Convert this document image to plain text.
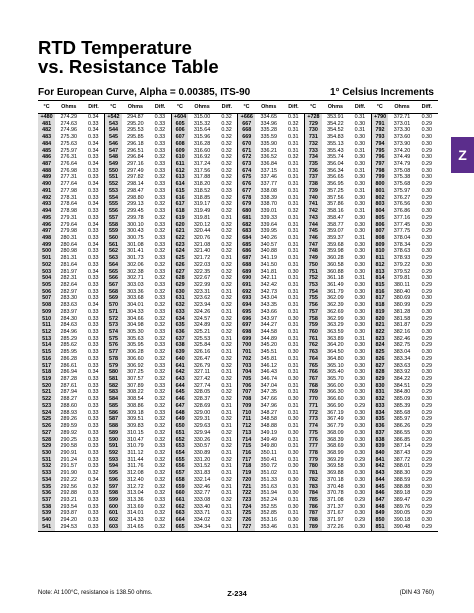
RTD Temperature
vs. Resistance Table
For European Curve, Alpha = 0.00385, ITS-90	1° Celsius Increments
Z
°C	Ohms	Diff.	°C	Ohms	Diff.	°C	Ohms	Diff.	°C	Ohms	Diff.	°C	Ohms	Diff.	°C	Ohms	Diff.
+480	274.29	0.34	+542	294.87	0.33	+604	315.00	0.32	+666	334.65	0.31	+728	353.91	0.31	+790	372.71	0.30
481	274.63	0.33	543	295.20	0.33	605	315.32	0.32	667	334.96	0.32	729	354.22	0.30	791	373.01	0.29
482	274.96	0.34	544	295.53	0.32	606	315.64	0.32	668	335.28	0.31	730	354.52	0.31	792	373.30	0.30
483	275.30	0.33	545	295.85	0.33	607	315.96	0.32	669	335.59	0.31	731	354.83	0.30	793	373.60	0.30
484	275.63	0.34	546	296.18	0.33	608	316.28	0.32	670	335.90	0.31	732	355.13	0.30	794	373.90	0.30
485	275.97	0.34	547	296.51	0.33	609	316.60	0.32	671	336.21	0.31	733	355.43	0.31	795	374.20	0.29
486	276.31	0.33	548	296.84	0.32	610	316.92	0.32	672	336.52	0.32	734	355.74	0.30	796	374.49	0.30
487	276.64	0.34	549	297.16	0.33	611	317.24	0.32	673	336.84	0.31	735	356.04	0.30	797	374.79	0.29
488	276.98	0.33	550	297.49	0.33	612	317.56	0.32	674	337.15	0.31	736	356.34	0.31	798	375.08	0.30
489	277.31	0.33	551	297.82	0.32	613	317.88	0.32	675	337.46	0.31	737	356.65	0.30	799	375.38	0.30
490	277.64	0.34	552	298.14	0.33	614	318.20	0.32	676	337.77	0.31	738	356.95	0.30	800	375.68	0.29
491	277.98	0.33	553	298.47	0.33	615	318.52	0.33	677	338.08	0.31	739	357.25	0.31	801	375.97	0.30
492	278.31	0.33	554	298.80	0.33	616	318.85	0.32	678	338.39	0.31	740	357.56	0.30	802	376.27	0.29
493	278.64	0.34	555	299.13	0.32	617	319.17	0.32	679	338.70	0.31	741	357.86	0.30	803	376.56	0.30
494	278.98	0.33	556	299.45	0.33	618	319.49	0.32	680	339.01	0.32	742	358.16	0.31	804	376.86	0.30
495	279.31	0.33	557	299.78	0.32	619	319.81	0.31	681	339.33	0.31	743	358.47	0.30	805	377.16	0.29
496	279.64	0.34	558	300.10	0.33	620	320.12	0.32	682	339.64	0.31	744	358.77	0.30	806	377.45	0.30
497	279.98	0.33	559	300.43	0.32	621	320.44	0.32	683	339.95	0.31	745	359.07	0.30	807	377.75	0.29
498	280.31	0.33	560	300.75	0.33	622	320.76	0.32	684	340.26	0.31	746	359.37	0.31	808	378.04	0.30
499	280.64	0.34	561	301.08	0.33	623	321.08	0.32	685	340.57	0.31	747	359.68	0.30	809	378.34	0.29
500	280.98	0.33	562	301.41	0.32	624	321.40	0.32	686	340.88	0.31	748	359.98	0.30	810	378.63	0.30
501	281.31	0.33	563	301.73	0.33	625	321.72	0.31	687	341.19	0.31	749	360.28	0.30	811	378.93	0.29
502	281.64	0.33	564	302.06	0.32	626	322.03	0.32	688	341.50	0.31	750	360.58	0.30	812	379.22	0.30
503	281.97	0.34	565	302.38	0.33	627	322.35	0.32	689	341.81	0.30	751	360.88	0.30	813	379.52	0.29
504	282.31	0.33	566	302.71	0.32	628	322.67	0.32	690	342.11	0.31	752	361.18	0.31	814	379.81	0.30
505	282.64	0.33	567	303.03	0.33	629	322.99	0.32	691	342.42	0.31	753	361.49	0.30	815	380.11	0.29
506	282.97	0.33	568	303.36	0.32	630	323.31	0.31	692	342.73	0.31	754	361.79	0.30	816	380.40	0.29
507	283.30	0.33	569	303.68	0.33	631	323.62	0.32	693	343.04	0.31	755	362.09	0.30	817	380.69	0.30
508	283.63	0.34	570	304.01	0.32	632	323.94	0.32	694	343.35	0.31	756	362.39	0.30	818	380.99	0.29
509	283.97	0.33	571	304.33	0.33	633	324.26	0.31	695	343.66	0.31	757	362.69	0.30	819	381.28	0.30
510	284.30	0.33	572	304.66	0.32	634	324.57	0.32	696	343.97	0.30	758	362.99	0.30	820	381.58	0.29
511	284.63	0.33	573	304.98	0.32	635	324.89	0.32	697	344.27	0.31	759	363.29	0.30	821	381.87	0.29
512	284.96	0.33	574	305.30	0.33	636	325.21	0.32	698	344.58	0.31	760	363.59	0.30	822	382.16	0.30
513	285.29	0.33	575	305.63	0.32	637	325.53	0.31	699	344.89	0.31	761	363.89	0.31	823	382.46	0.29
514	285.62	0.33	576	305.95	0.33	638	325.84	0.32	700	345.20	0.31	762	364.20	0.30	824	382.75	0.29
515	285.95	0.33	577	306.28	0.32	639	326.16	0.31	701	345.51	0.30	763	364.50	0.30	825	383.04	0.30
516	286.28	0.33	578	306.60	0.32	640	326.47	0.32	702	345.81	0.31	764	364.80	0.30	826	383.34	0.29
517	286.61	0.33	579	306.92	0.33	641	326.79	0.32	703	346.12	0.31	765	365.10	0.30	827	383.63	0.29
518	286.94	0.34	580	307.25	0.32	642	327.11	0.31	704	346.43	0.31	766	365.40	0.30	828	383.92	0.30
519	287.28	0.33	581	307.57	0.32	643	327.42	0.32	705	346.74	0.30	767	365.70	0.30	829	384.22	0.29
520	287.61	0.33	582	307.89	0.33	644	327.74	0.31	706	347.04	0.31	768	366.00	0.30	830	384.51	0.29
521	287.94	0.33	583	308.22	0.32	645	328.05	0.32	707	347.35	0.31	769	366.30	0.30	831	384.80	0.29
522	288.27	0.33	584	308.54	0.32	646	328.37	0.32	708	347.66	0.30	770	366.60	0.30	832	385.09	0.30
523	288.60	0.33	585	308.86	0.32	647	328.69	0.31	709	347.96	0.31	771	366.90	0.29	833	385.39	0.29
524	288.93	0.33	586	309.18	0.33	648	329.00	0.31	710	348.27	0.31	772	367.19	0.30	834	385.68	0.29
525	289.26	0.33	587	309.51	0.32	649	329.31	0.32	711	348.58	0.30	773	367.49	0.30	835	385.97	0.29
526	289.59	0.33	588	309.83	0.32	650	329.63	0.31	712	348.88	0.31	774	367.79	0.30	836	386.26	0.29
527	289.92	0.33	589	310.15	0.32	651	329.94	0.32	713	349.19	0.30	775	368.09	0.30	837	386.55	0.30
528	290.25	0.33	590	310.47	0.32	652	330.26	0.31	714	349.49	0.31	776	368.39	0.30	838	386.85	0.29
529	290.58	0.33	591	310.79	0.33	653	330.57	0.32	715	349.80	0.31	777	368.69	0.30	839	387.14	0.29
530	290.91	0.33	592	311.12	0.32	654	330.89	0.31	716	350.11	0.30	778	368.99	0.30	840	387.43	0.29
531	291.24	0.33	593	311.44	0.32	655	331.20	0.32	717	350.41	0.31	779	369.29	0.29	841	387.72	0.29
532	291.57	0.33	594	311.76	0.32	656	331.52	0.31	718	350.72	0.30	780	369.58	0.30	842	388.01	0.29
533	291.90	0.32	595	312.08	0.32	657	331.83	0.31	719	351.02	0.31	781	369.88	0.30	843	388.30	0.29
534	292.22	0.34	596	312.40	0.32	658	332.14	0.32	720	351.33	0.30	782	370.18	0.30	844	388.59	0.29
535	292.56	0.32	597	312.72	0.32	659	332.46	0.31	721	351.63	0.31	783	370.48	0.30	845	388.88	0.30
536	292.88	0.33	598	313.04	0.32	660	332.77	0.31	722	351.94	0.30	784	370.78	0.30	846	389.18	0.29
537	293.21	0.33	599	313.36	0.33	661	333.08	0.32	723	352.24	0.31	785	371.08	0.29	847	389.47	0.29
538	293.54	0.33	600	313.69	0.32	662	333.40	0.31	724	352.55	0.30	786	371.37	0.30	848	389.76	0.29
539	293.87	0.33	601	314.01	0.32	663	333.71	0.31	725	352.85	0.31	787	371.67	0.30	849	390.05	0.29
540	294.20	0.33	602	314.33	0.32	664	334.02	0.32	726	353.16	0.30	788	371.97	0.29	850	390.18	0.30
541	294.53	0.33	603	314.65	0.32	665	334.34	0.31	727	353.46	0.31	789	372.26	0.30	851	390.48	0.29
Note: At 100°C, resistance is 138.50 ohms.	Z-234	(DIN 43 760)
